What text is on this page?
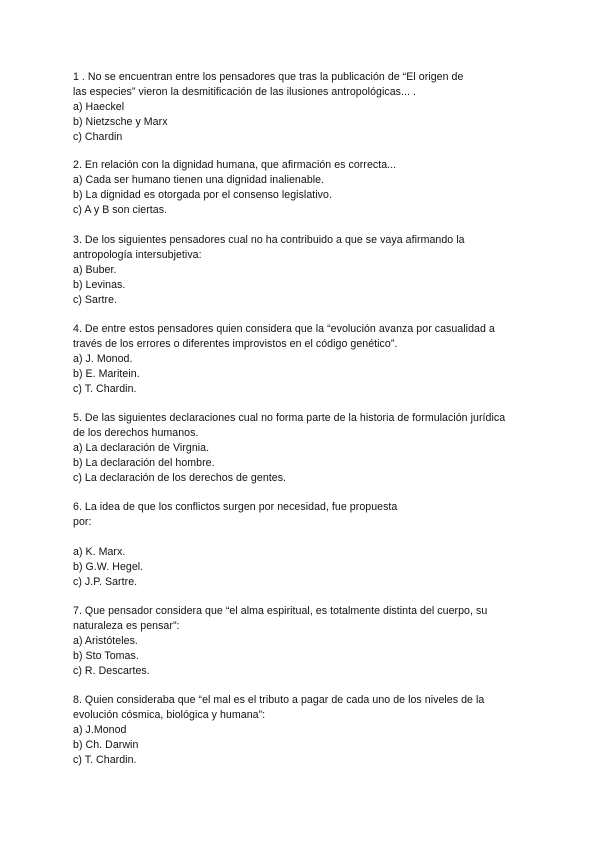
1 . No se encuentran entre los pensadores que tras la publicación de “El origen de
las especies” vieron la desmitificación de las ilusiones antropológicas... .
a) Haeckel
b) Nietzsche y Marx
c) Chardin
2. En relación con la dignidad humana, que afirmación es correcta...
a) Cada ser humano tienen una dignidad inalienable.
b) La dignidad es otorgada por el consenso legislativo.
c) A y B son ciertas.
3. De los siguientes pensadores cual no ha contribuido a que se vaya afirmando la
antropología intersubjetiva:
a) Buber.
b) Levinas.
c) Sartre.
4. De entre estos pensadores quien considera que la “evolución avanza por casualidad a
través de los errores o diferentes improvistos en el código genético”.
a) J. Monod.
b) E. Maritein.
c) T. Chardin.
5. De las siguientes declaraciones cual no forma parte de la historia de formulación jurídica
de los derechos humanos.
a) La declaración de Virgnia.
b) La declaración del hombre.
c) La declaración de los derechos de gentes.
6. La idea de que los conflictos surgen por necesidad, fue propuesta
por:
a) K. Marx.
b) G.W. Hegel.
c) J.P. Sartre.
7. Que pensador considera que “el alma espiritual, es totalmente distinta del cuerpo, su
naturaleza es pensar”:
a) Aristóteles.
b) Sto Tomas.
c) R. Descartes.
8. Quien consideraba que “el mal es el tributo a pagar de cada uno de los niveles de la
evolución cósmica, biológica y humana”:
a) J.Monod
b) Ch. Darwin
c) T. Chardin.
